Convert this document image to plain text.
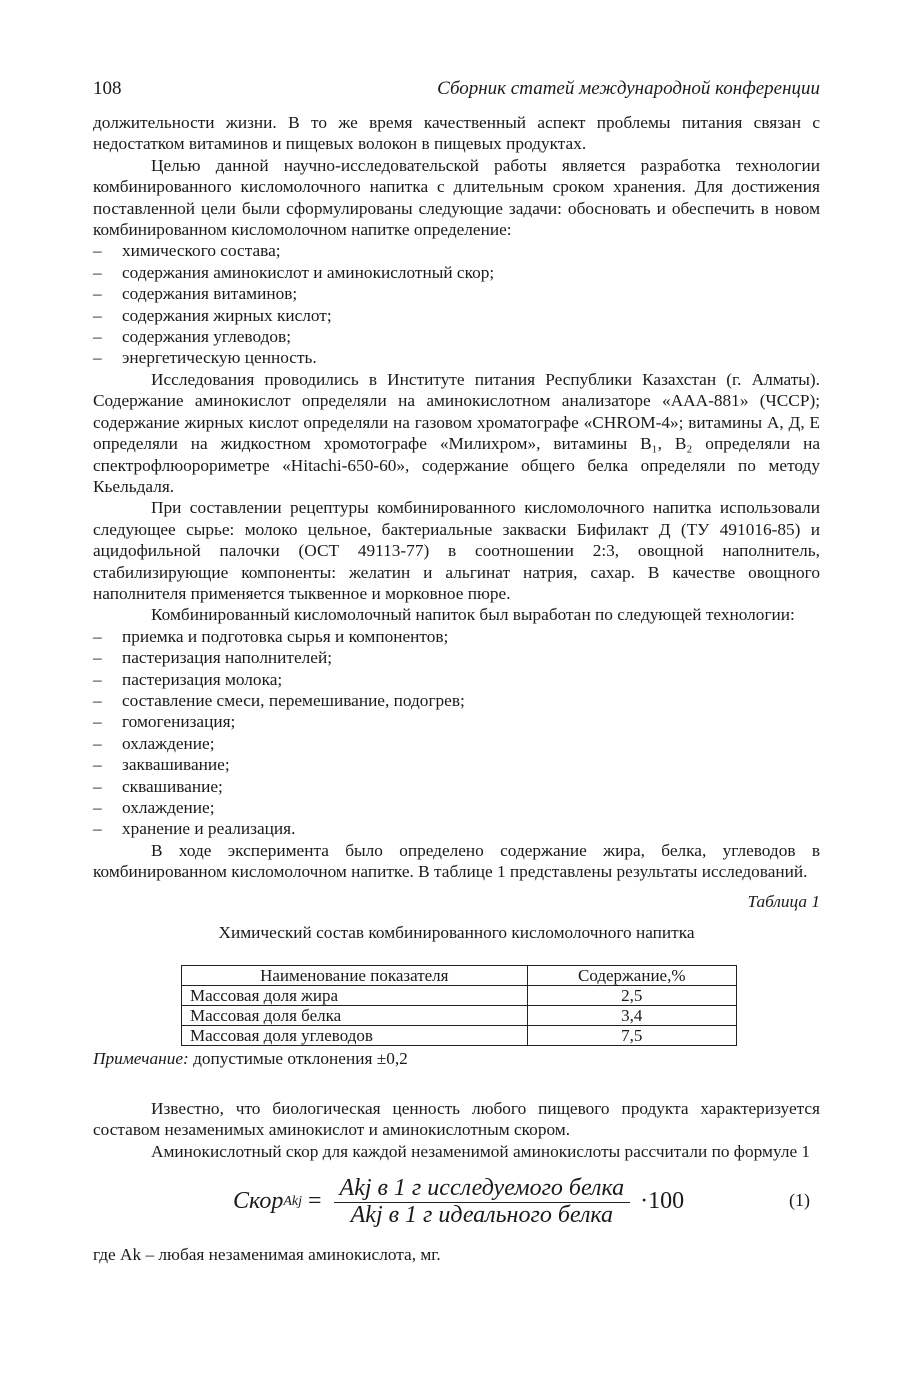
108	Сборник статей международной конференции

должительности жизни. В то же время качественный аспект проблемы питания связан с недостатком витаминов и пищевых волокон в пищевых продуктах.

Целью данной научно-исследовательской работы является разработка технологии комбинированного кисломолочного напитка с длительным сроком хранения. Для достижения поставленной цели были сформулированы следующие задачи: обосновать и обеспечить в новом комбинированном кисломолочном напитке определение:

– химического состава;
– содержания аминокислот и аминокислотный скор;
– содержания витаминов;
– содержания жирных кислот;
– содержания углеводов;
– энергетическую ценность.

Исследования проводились в Институте питания Республики Казахстан (г. Алматы). Содержание аминокислот определяли на аминокислотном анализаторе «ААА-881» (ЧССР); содержание жирных кислот определяли на газовом хроматографе «CHROM-4»; витамины А, Д, Е определяли на жидкостном хромотографе «Милихром», витамины B₁, B₂ определяли на спектрофлюорориметре «Hitachi-650-60», содержание общего белка определяли по методу Кьельдаля.

При составлении рецептуры комбинированного кисломолочного напитка использовали следующее сырье: молоко цельное, бактериальные закваски Бифилакт Д (ТУ 491016-85) и ацидофильной палочки (ОСТ 49113-77) в соотношении 2:3, овощной наполнитель, стабилизирующие компоненты: желатин и альгинат натрия, сахар. В качестве овощного наполнителя применяется тыквенное и морковное пюре.

Комбинированный кисломолочный напиток был выработан по следующей технологии:

– приемка и подготовка сырья и компонентов;
– пастеризация наполнителей;
– пастеризация молока;
– составление смеси, перемешивание, подогрев;
– гомогенизация;
– охлаждение;
– заквашивание;
– сквашивание;
– охлаждение;
– хранение и реализация.

В ходе эксперимента было определено содержание жира, белка, углеводов в комбинированном кисломолочном напитке. В таблице 1 представлены результаты исследований.

Таблица 1
Химический состав комбинированного кисломолочного напитка
Наименование показателя	Содержание,%
Массовая доля жира	2,5
Массовая доля белка	3,4
Массовая доля углеводов	7,5
Примечание: допустимые отклонения ±0,2

Известно, что биологическая ценность любого пищевого продукта характеризуется составом незаменимых аминокислот и аминокислотным скором.

Аминокислотный скор для каждой незаменимой аминокислоты рассчитали по формуле 1

Скор Akj = $\frac{\text{Akj в 1 г исследуемого белка}}{\text{Akj в 1 г идеального белка}} \cdot 100$	(1)

где Ak – любая незаменимая аминокислота, мг.
